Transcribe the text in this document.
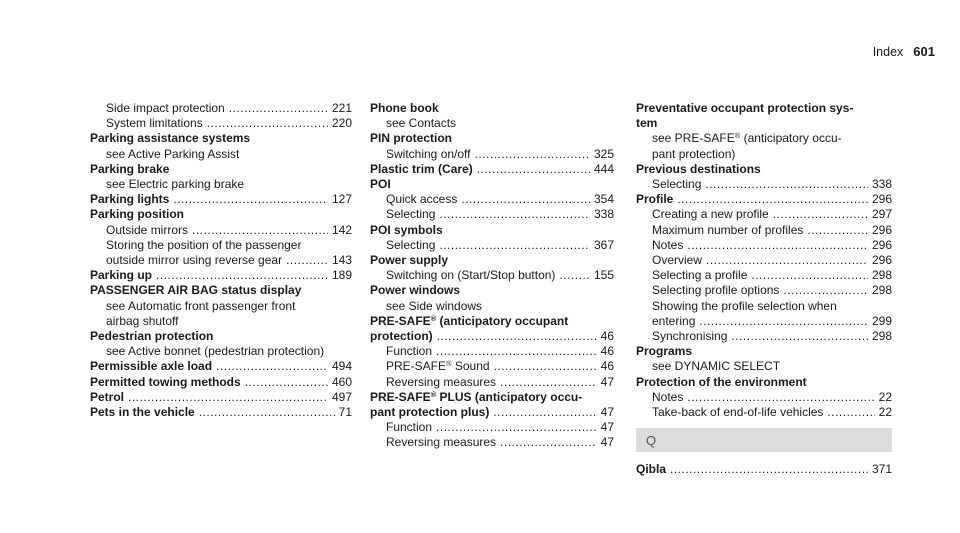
Index 601
Side impact protection .....	221
System limitations .....	220
Parking assistance systems
see Active Parking Assist
Parking brake
see Electric parking brake
Parking lights .....	127
Parking position
Outside mirrors .....	142
Storing the position of the passenger
outside mirror using reverse gear .....	143
Parking up .....	189
PASSENGER AIR BAG status display
see Automatic front passenger front
airbag shutoff
Pedestrian protection
see Active bonnet (pedestrian protection)
Permissible axle load .....	494
Permitted towing methods .....	460
Petrol .....	497
Pets in the vehicle .....	71
Phone book
see Contacts
PIN protection
Switching on/off .....	325
Plastic trim (Care) .....	444
POI
Quick access .....	354
Selecting .....	338
POI symbols
Selecting .....	367
Power supply
Switching on (Start/Stop button) .....	155
Power windows
see Side windows
PRE-SAFE® (anticipatory occupant
protection) .....	46
Function .....	46
PRE-SAFE® Sound .....	46
Reversing measures .....	47
PRE-SAFE® PLUS (anticipatory occu-
pant protection plus) .....	47
Function .....	47
Reversing measures .....	47
Preventative occupant protection sys-
tem
see PRE-SAFE® (anticipatory occu-
pant protection)
Previous destinations
Selecting .....	338
Profile .....	296
Creating a new profile .....	297
Maximum number of profiles .....	296
Notes .....	296
Overview .....	296
Selecting a profile .....	298
Selecting profile options .....	298
Showing the profile selection when
entering .....	299
Synchronising .....	298
Programs
see DYNAMIC SELECT
Protection of the environment
Notes .....	22
Take-back of end-of-life vehicles .....	22
Q
Qibla .....	371
